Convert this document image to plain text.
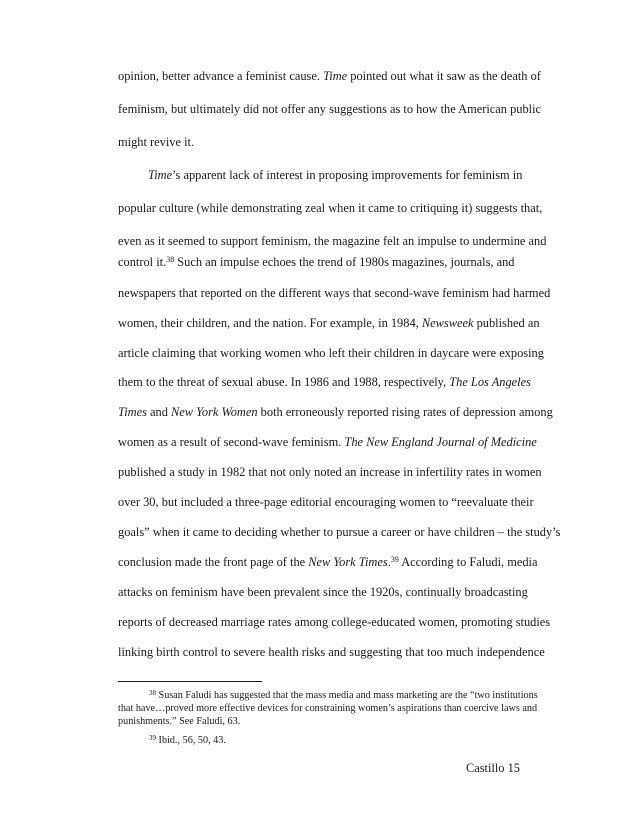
opinion, better advance a feminist cause. Time pointed out what it saw as the death of
feminism, but ultimately did not offer any suggestions as to how the American public
might revive it.
Time’s apparent lack of interest in proposing improvements for feminism in
popular culture (while demonstrating zeal when it came to critiquing it) suggests that,
even as it seemed to support feminism, the magazine felt an impulse to undermine and
control it.$^{38}$ Such an impulse echoes the trend of 1980s magazines, journals, and
newspapers that reported on the different ways that second-wave feminism had harmed
women, their children, and the nation. For example, in 1984, Newsweek published an
article claiming that working women who left their children in daycare were exposing
them to the threat of sexual abuse. In 1986 and 1988, respectively, The Los Angeles
Times and New York Women both erroneously reported rising rates of depression among
women as a result of second-wave feminism. The New England Journal of Medicine
published a study in 1982 that not only noted an increase in infertility rates in women
over 30, but included a three-page editorial encouraging women to “reevaluate their
goals” when it came to deciding whether to pursue a career or have children – the study’s
conclusion made the front page of the New York Times.$^{39}$ According to Faludi, media
attacks on feminism have been prevalent since the 1920s, continually broadcasting
reports of decreased marriage rates among college-educated women, promoting studies
linking birth control to severe health risks and suggesting that too much independence
$^{38}$ Susan Faludi has suggested that the mass media and mass marketing are the “two institutions
that have…proved more effective devices for constraining women’s aspirations than coercive laws and
punishments.” See Faludi, 63.
$^{39}$ Ibid., 56, 50, 43.
Castillo 15
